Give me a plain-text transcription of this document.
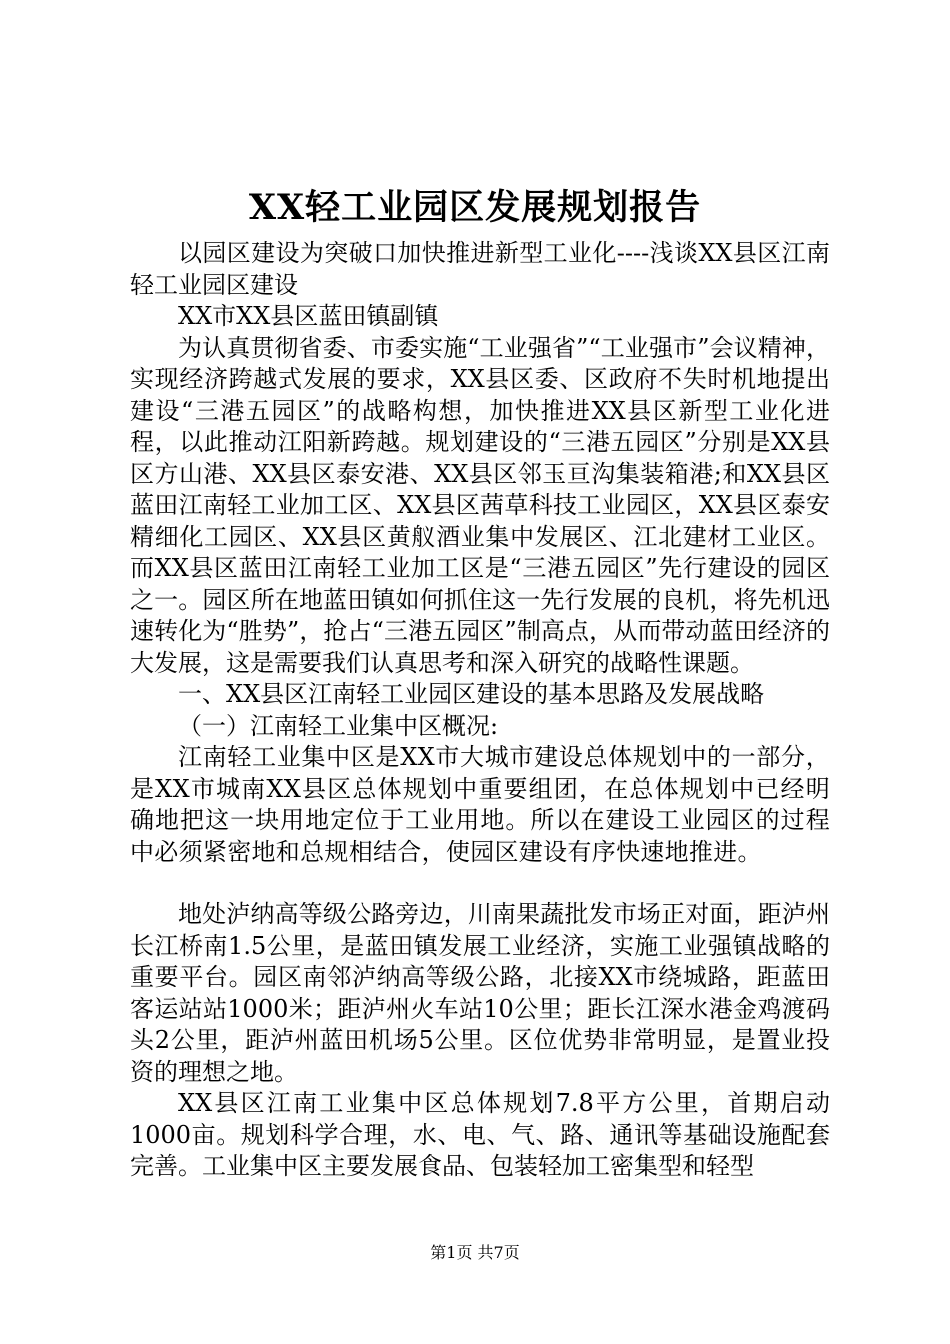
XX轻工业园区发展规划报告

以园区建设为突破口加快推进新型工业化----浅谈XX县区江南轻工业园区建设

XX市XX县区蓝田镇副镇

为认真贯彻省委、市委实施“工业强省”“工业强市”会议精神，实现经济跨越式发展的要求，XX县区委、区政府不失时机地提出建设“三港五园区”的战略构想，加快推进XX县区新型工业化进程，以此推动江阳新跨越。规划建设的“三港五园区”分别是XX县区方山港、XX县区泰安港、XX县区邻玉亘沟集装箱港;和XX县区蓝田江南轻工业加工区、XX县区茜草科技工业园区，XX县区泰安精细化工园区、XX县区黄舣酒业集中发展区、江北建材工业区。而XX县区蓝田江南轻工业加工区是“三港五园区”先行建设的园区之一。园区所在地蓝田镇如何抓住这一先行发展的良机，将先机迅速转化为“胜势”，抢占“三港五园区”制高点，从而带动蓝田经济的大发展，这是需要我们认真思考和深入研究的战略性课题。

一、XX县区江南轻工业园区建设的基本思路及发展战略

（一）江南轻工业集中区概况:

江南轻工业集中区是XX市大城市建设总体规划中的一部分，是XX市城南XX县区总体规划中重要组团，在总体规划中已经明确地把这一块用地定位于工业用地。所以在建设工业园区的过程中必须紧密地和总规相结合，使园区建设有序快速地推进。

地处泸纳高等级公路旁边，川南果蔬批发市场正对面，距泸州长江桥南1.5公里，是蓝田镇发展工业经济，实施工业强镇战略的重要平台。园区南邻泸纳高等级公路，北接XX市绕城路，距蓝田客运站站1000米；距泸州火车站10公里；距长江深水港金鸡渡码头2公里，距泸州蓝田机场5公里。区位优势非常明显，是置业投资的理想之地。

XX县区江南工业集中区总体规划7.8平方公里，首期启动1000亩。规划科学合理，水、电、气、路、通讯等基础设施配套完善。工业集中区主要发展食品、包装轻加工密集型和轻型

第1页 共7页
